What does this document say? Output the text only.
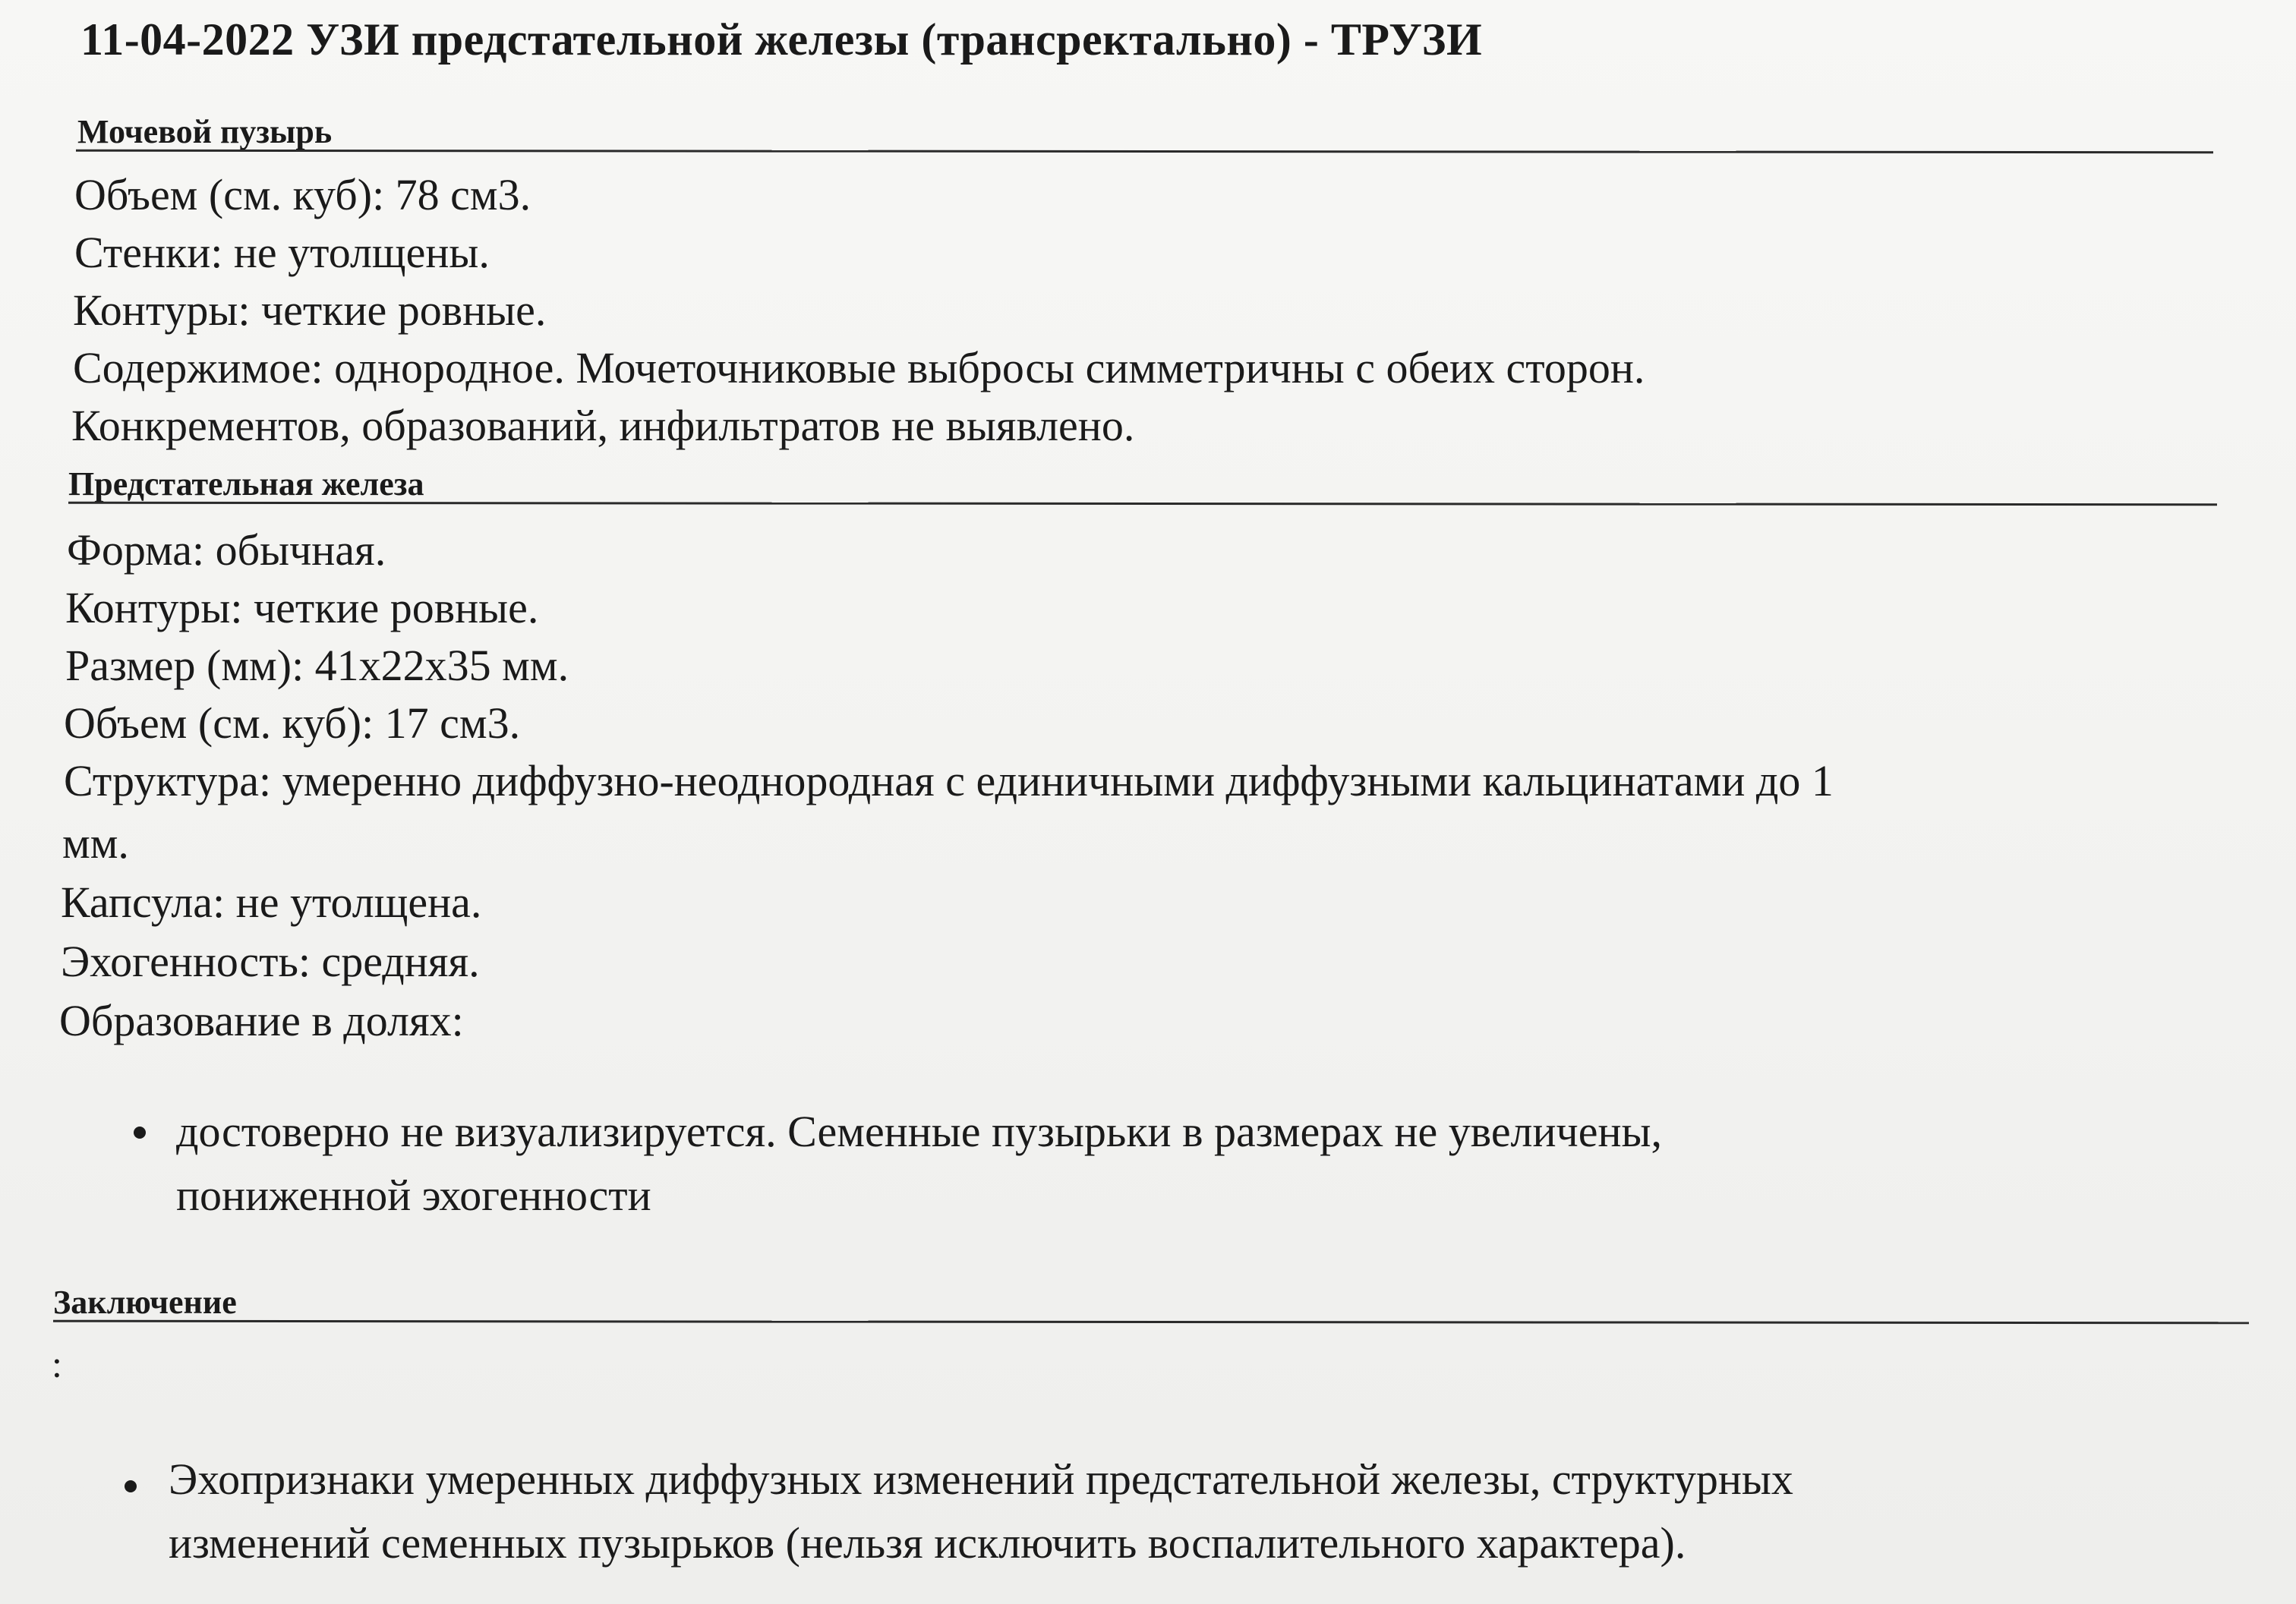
11-04-2022 УЗИ предстательной железы (трансректально) - ТРУЗИ
Мочевой пузырь
Объем (см. куб): 78 см3.
Стенки: не утолщены.
Контуры: четкие ровные.
Содержимое: однородное. Мочеточниковые выбросы симметричны с обеих сторон.
Конкрементов, образований, инфильтратов не выявлено.
Предстательная железа
Форма: обычная.
Контуры: четкие ровные.
Размер (мм): 41х22х35 мм.
Объем (см. куб): 17 см3.
Структура: умеренно диффузно-неоднородная с единичными диффузными кальцинатами до 1
мм.
Капсула: не утолщена.
Эхогенность: средняя.
Образование в долях:
достоверно не визуализируется. Семенные пузырьки в размерах не увеличены,
пониженной эхогенности
Заключение
:
Эхопризнаки умеренных диффузных изменений предстательной железы, структурных
изменений семенных пузырьков (нельзя исключить воспалительного характера).
